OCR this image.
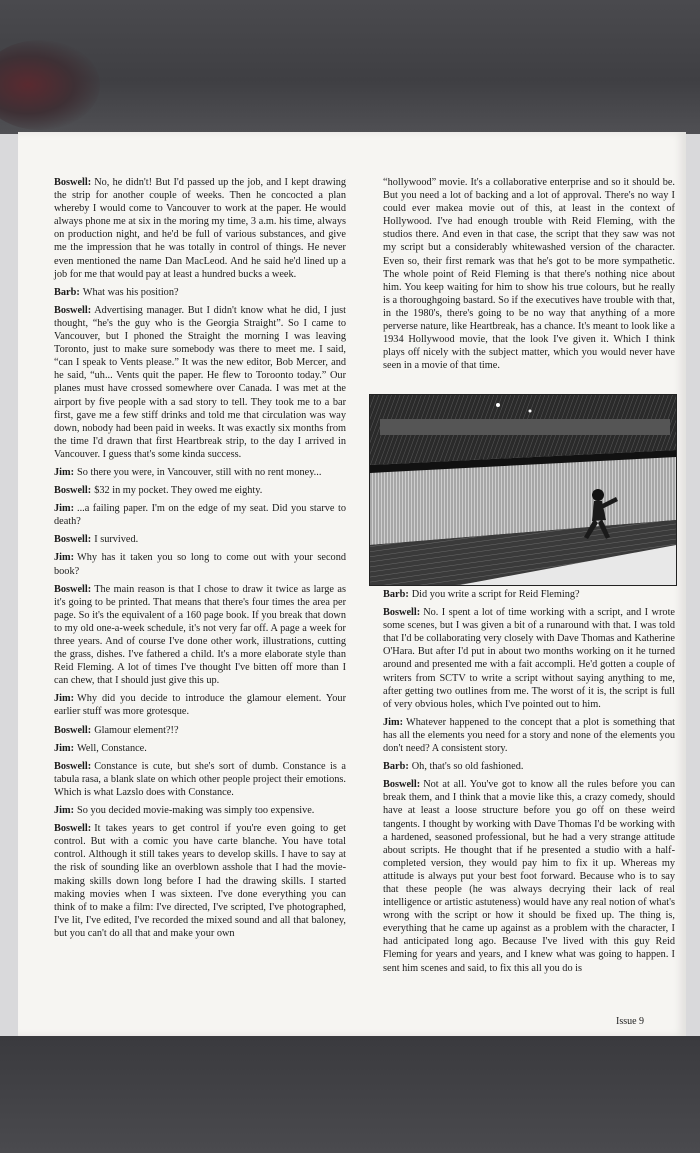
Boswell: No, he didn't! But I'd passed up the job, and I kept drawing the strip for another couple of weeks. Then he concocted a plan whereby I would come to Vancouver to work at the paper. He would always phone me at six in the moring my time, 3 a.m. his time, always on production night, and he'd be full of various substances, and give me the impression that he was totally in control of things. He never even mentioned the name Dan MacLeod. And he said he'd lined up a job for me that would pay at least a hundred bucks a week.

Barb: What was his position?

Boswell: Advertising manager. But I didn't know what he did, I just thought, “he's the guy who is the Georgia Straight”. So I came to Vancouver, but I phoned the Straight the morning I was leaving Toronto, just to make sure somebody was there to meet me. I said, “can I speak to Vents please.” It was the new editor, Bob Mercer, and he said, “uh... Vents quit the paper. He flew to Toroonto today.” Our planes must have crossed somewhere over Canada. I was met at the airport by five people with a sad story to tell. They took me to a bar first, gave me a few stiff drinks and told me that circulation was way down, nobody had been paid in weeks. It was exactly six months from the time I'd drawn that first Heartbreak strip, to the day I arrived in Vancouver. I guess that's some kinda success.

Jim: So there you were, in Vancouver, still with no rent money...

Boswell: $32 in my pocket. They owed me eighty.

Jim: ...a failing paper. I'm on the edge of my seat. Did you starve to death?

Boswell: I survived.

Jim: Why has it taken you so long to come out with your second book?

Boswell: The main reason is that I chose to draw it twice as large as it's going to be printed. That means that there's four times the area per page. So it's the equivalent of a 160 page book. If you break that down to my old one-a-week schedule, it's not very far off. A page a week for three years. And of course I've done other work, illustrations, cutting the grass, dishes. I've fathered a child. It's a more elaborate style than Reid Fleming. A lot of times I've thought I've bitten off more than I can chew, that I should just give this up.

Jim: Why did you decide to introduce the glamour element. Your earlier stuff was more grotesque.

Boswell: Glamour element?!?

Jim: Well, Constance.

Boswell: Constance is cute, but she's sort of dumb. Constance is a tabula rasa, a blank slate on which other people project their emotions. Which is what Lazslo does with Constance.

Jim: So you decided movie-making was simply too expensive.

Boswell: It takes years to get control if you're even going to get control. But with a comic you have carte blanche. You have total control. Although it still takes years to develop skills. I have to say at the risk of sounding like an overblown asshole that I had the movie-making skills down long before I had the drawing skills. I started making movies when I was sixteen. I've done everything you can think of to make a film: I've directed, I've scripted, I've photographed, I've lit, I've edited, I've recorded the mixed sound and all that baloney, but you can't do all that and make your own

“hollywood” movie. It's a collaborative enterprise and so it should be. But you need a lot of backing and a lot of approval. There's no way I could ever makea movie out of this, at least in the context of Hollywood. I've had enough trouble with Reid Fleming, with the studios there. And even in that case, the script that they saw was not my script but a considerably whitewashed version of the character. Even so, their first remark was that he's got to be more sympathetic. The whole point of Reid Fleming is that there's nothing nice about him. You keep waiting for him to show his true colours, but he really is a thoroughgoing bastard. So if the executives have trouble with that, in the 1980's, there's going to be no way that anything of a more perverse nature, like Heartbreak, has a chance. It's meant to look like a 1934 Hollywood movie, that the look I've given it. Which I think plays off nicely with the subject matter, which you would never have seen in a movie of that time.

Barb: Did you write a script for Reid Fleming?

Boswell: No. I spent a lot of time working with a script, and I wrote some scenes, but I was given a bit of a runaround with that. I was told that I'd be collaborating very closely with Dave Thomas and Katherine O'Hara. But after I'd put in about two months working on it he turned around and presented me with a fait accompli. He'd gotten a couple of writers from SCTV to write a script without saying anything to me, after getting two outlines from me. The worst of it is, the script is full of very obvious holes, which I've pointed out to him.

Jim: Whatever happened to the concept that a plot is something that has all the elements you need for a story and none of the elements you don't need? A consistent story.

Barb: Oh, that's so old fashioned.

Boswell: Not at all. You've got to know all the rules before you can break them, and I think that a movie like this, a crazy comedy, should have at least a loose structure before you go off on these weird tangents. I thought by working with Dave Thomas I'd be working with a hardened, seasoned professional, but he had a very strange attitude about scripts. He thought that if he presented a studio with a half-completed version, they would pay him to fix it up. Whereas my attitude is always put your best foot forward. Because who is to say that these people (he was always decrying their lack of real intelligence or artistic astuteness) would have any real notion of what's wrong with the script or how it should be fixed up. The thing is, everything that he came up against as a problem with the character, I had anticipated long ago. Because I've lived with this guy Reid Fleming for years and years, and I knew what was going to happen. I sent him scenes and said, to fix this all you do is

Issue 9
